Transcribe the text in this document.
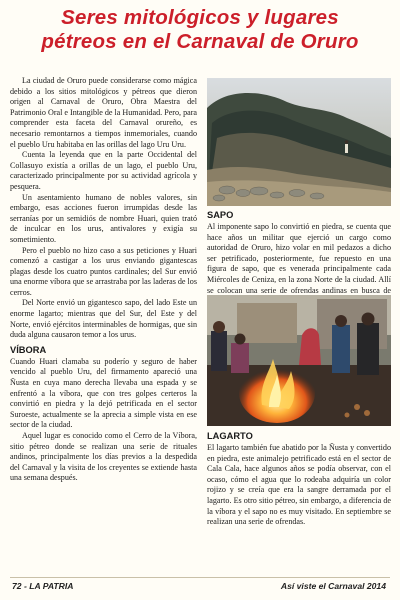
Seres mitológicos y lugares
pétreos en el Carnaval de Oruro

La ciudad de Oruro puede considerarse como mágica debido a los sitios mitológicos y pétreos que dieron origen al Carnaval de Oruro, Obra Maestra del Patrimonio Oral e Intangible de la Humanidad. Pero, para comprender esta faceta del Carnaval orureño, es necesario remontarnos a tiempos inmemoriales, cuando el pueblo Uru habitaba en las orillas del lago Uru Uru.

Cuenta la leyenda que en la parte Occidental del Collasuyo existía a orillas de un lago, el pueblo Uru, caracterizado principalmente por su actividad agrícola y pesquera.

Un asentamiento humano de nobles valores, sin embargo, esas acciones fueron irrumpidas desde las serranías por un semidiós de nombre Huari, quien trató de inculcar en los urus, antivalores y exigía su sometimiento.

Pero el pueblo no hizo caso a sus peticiones y Huari comenzó a castigar a los urus enviando gigantescas plagas desde los cuatro puntos cardinales; del Sur envió una enorme víbora que se arrastraba por las laderas de los cerros.

Del Norte envió un gigantesco sapo, del lado Este un enorme lagarto; mientras que del Sur, del Este y del Norte, envió ejércitos interminables de hormigas, que sin duda alguna causaron temor a los urus.

VÍBORA

Cuando Huari clamaba su poderío y seguro de haber vencido al pueblo Uru, del firmamento apareció una Ñusta en cuya mano derecha llevaba una espada y se enfrentó a la víbora, que con tres golpes certeros la convirtió en piedra y la dejó petrificada en el sector Suroeste, actualmente se la aprecia a simple vista en ese sector de la ciudad.

Aquel lugar es conocido como el Cerro de la Víbora, sitio pétreo donde se realizan una serie de rituales andinos, principalmente los días previos a la despedida del Carnaval y la visita de los creyentes se extiende hasta una semana después.

SAPO

Al imponente sapo lo convirtió en piedra, se cuenta que hace años un militar que ejerció un cargo como autoridad de Oruro, hizo volar en mil pedazos a dicho ser petrificado, posteriormente, fue repuesto en una figura de sapo, que es venerada principalmente cada Miércoles de Ceniza, en la zona Norte de la ciudad. Allí se colocan una serie de ofrendas andinas en busca de

LAGARTO

El lagarto también fue abatido por la Ñusta y convertido en piedra, este animalejo petrificado está en el sector de Cala Cala, hace algunos años se podía observar, con el ocaso, cómo el agua que lo rodeaba adquiría un color rojizo y se creía que era la sangre derramada por el lagarto. Es otro sitio pétreo, sin embargo, a diferencia de la víbora y el sapo no es muy visitado. En septiembre se realizan una serie de ofrendas.

72 - LA PATRIA	Así viste el Carnaval 2014
